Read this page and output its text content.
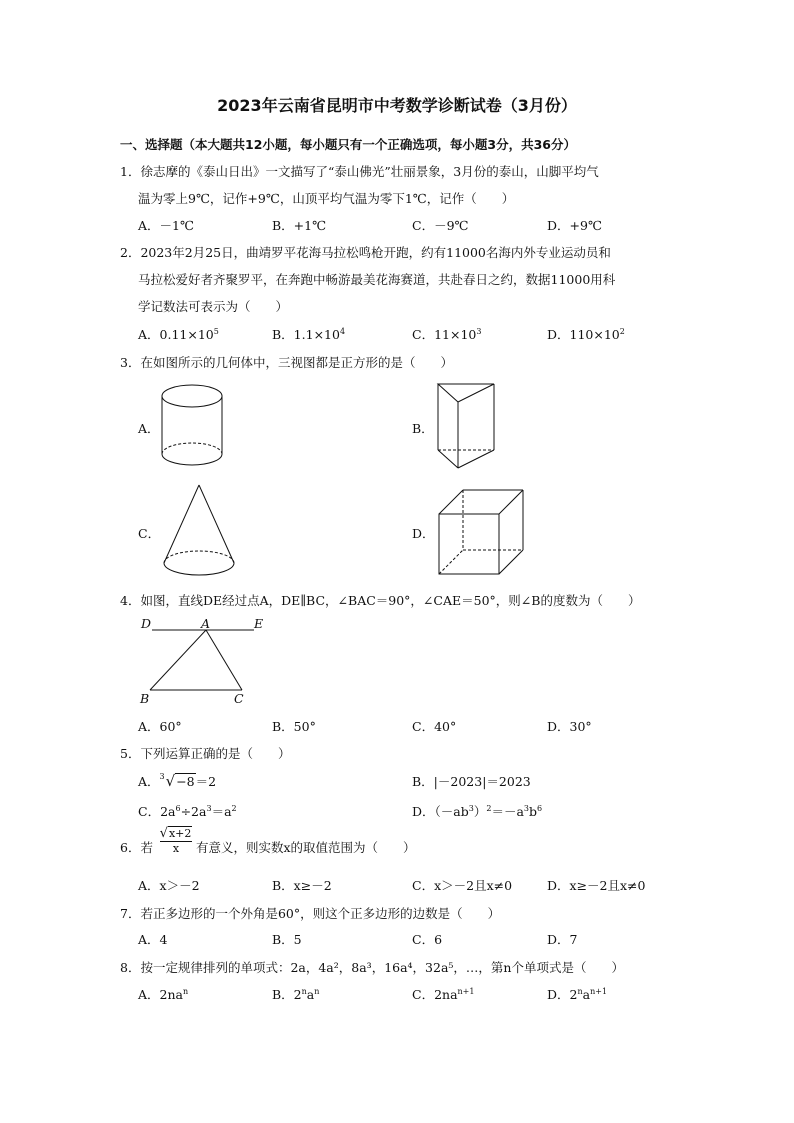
2023年云南省昆明市中考数学诊断试卷（3月份）
一、选择题（本大题共12小题，每小题只有一个正确选项，每小题3分，共36分）
1．徐志摩的《泰山日出》一文描写了“泰山佛光”壮丽景象，3月份的泰山，山脚平均气
温为零上9℃，记作+9℃，山顶平均气温为零下1℃，记作（　　）
A．－1℃	B．+1℃	C．－9℃	D．+9℃
2．2023年2月25日，曲靖罗平花海马拉松鸣枪开跑，约有11000名海内外专业运动员和
马拉松爱好者齐聚罗平，在奔跑中畅游最美花海赛道，共赴春日之约，数据11000用科
学记数法可表示为（　　）
A．$0.11\times 10^5$	B．$1.1\times 10^4$	C．$11\times 10^3$	D．$110\times 10^2$
3．在如图所示的几何体中，三视图都是正方形的是（　　）
A．	B．
C．	D．
4．如图，直线DE经过点A，DE∥BC，∠BAC＝90°，∠CAE＝50°，则∠B的度数为（　　）
D	A	E
B	C
A．60°	B．50°	C．40°	D．30°
5．下列运算正确的是（　　）
A．$^3$√−8＝2	B．|－2023|＝2023
C．$2a^6\div 2a^3=a^2$	D．$(-ab^3)^2=-a^3b^6$
6．若
√x+2
x	有意义，则实数x的取值范围为（　　）
A．x＞－2	B．x≥－2	C．x＞－2且x≠0	D．x≥－2且x≠0
7．若正多边形的一个外角是60°，则这个正多边形的边数是（　　）
A．4	B．5	C．6	D．7
8．按一定规律排列的单项式：2a，4a²，8a³，16a⁴，32a⁵，…，第n个单项式是（　　）
A．$2na^n$	B．$2^na^n$	C．$2na^{n+1}$	D．$2^na^{n+1}$
